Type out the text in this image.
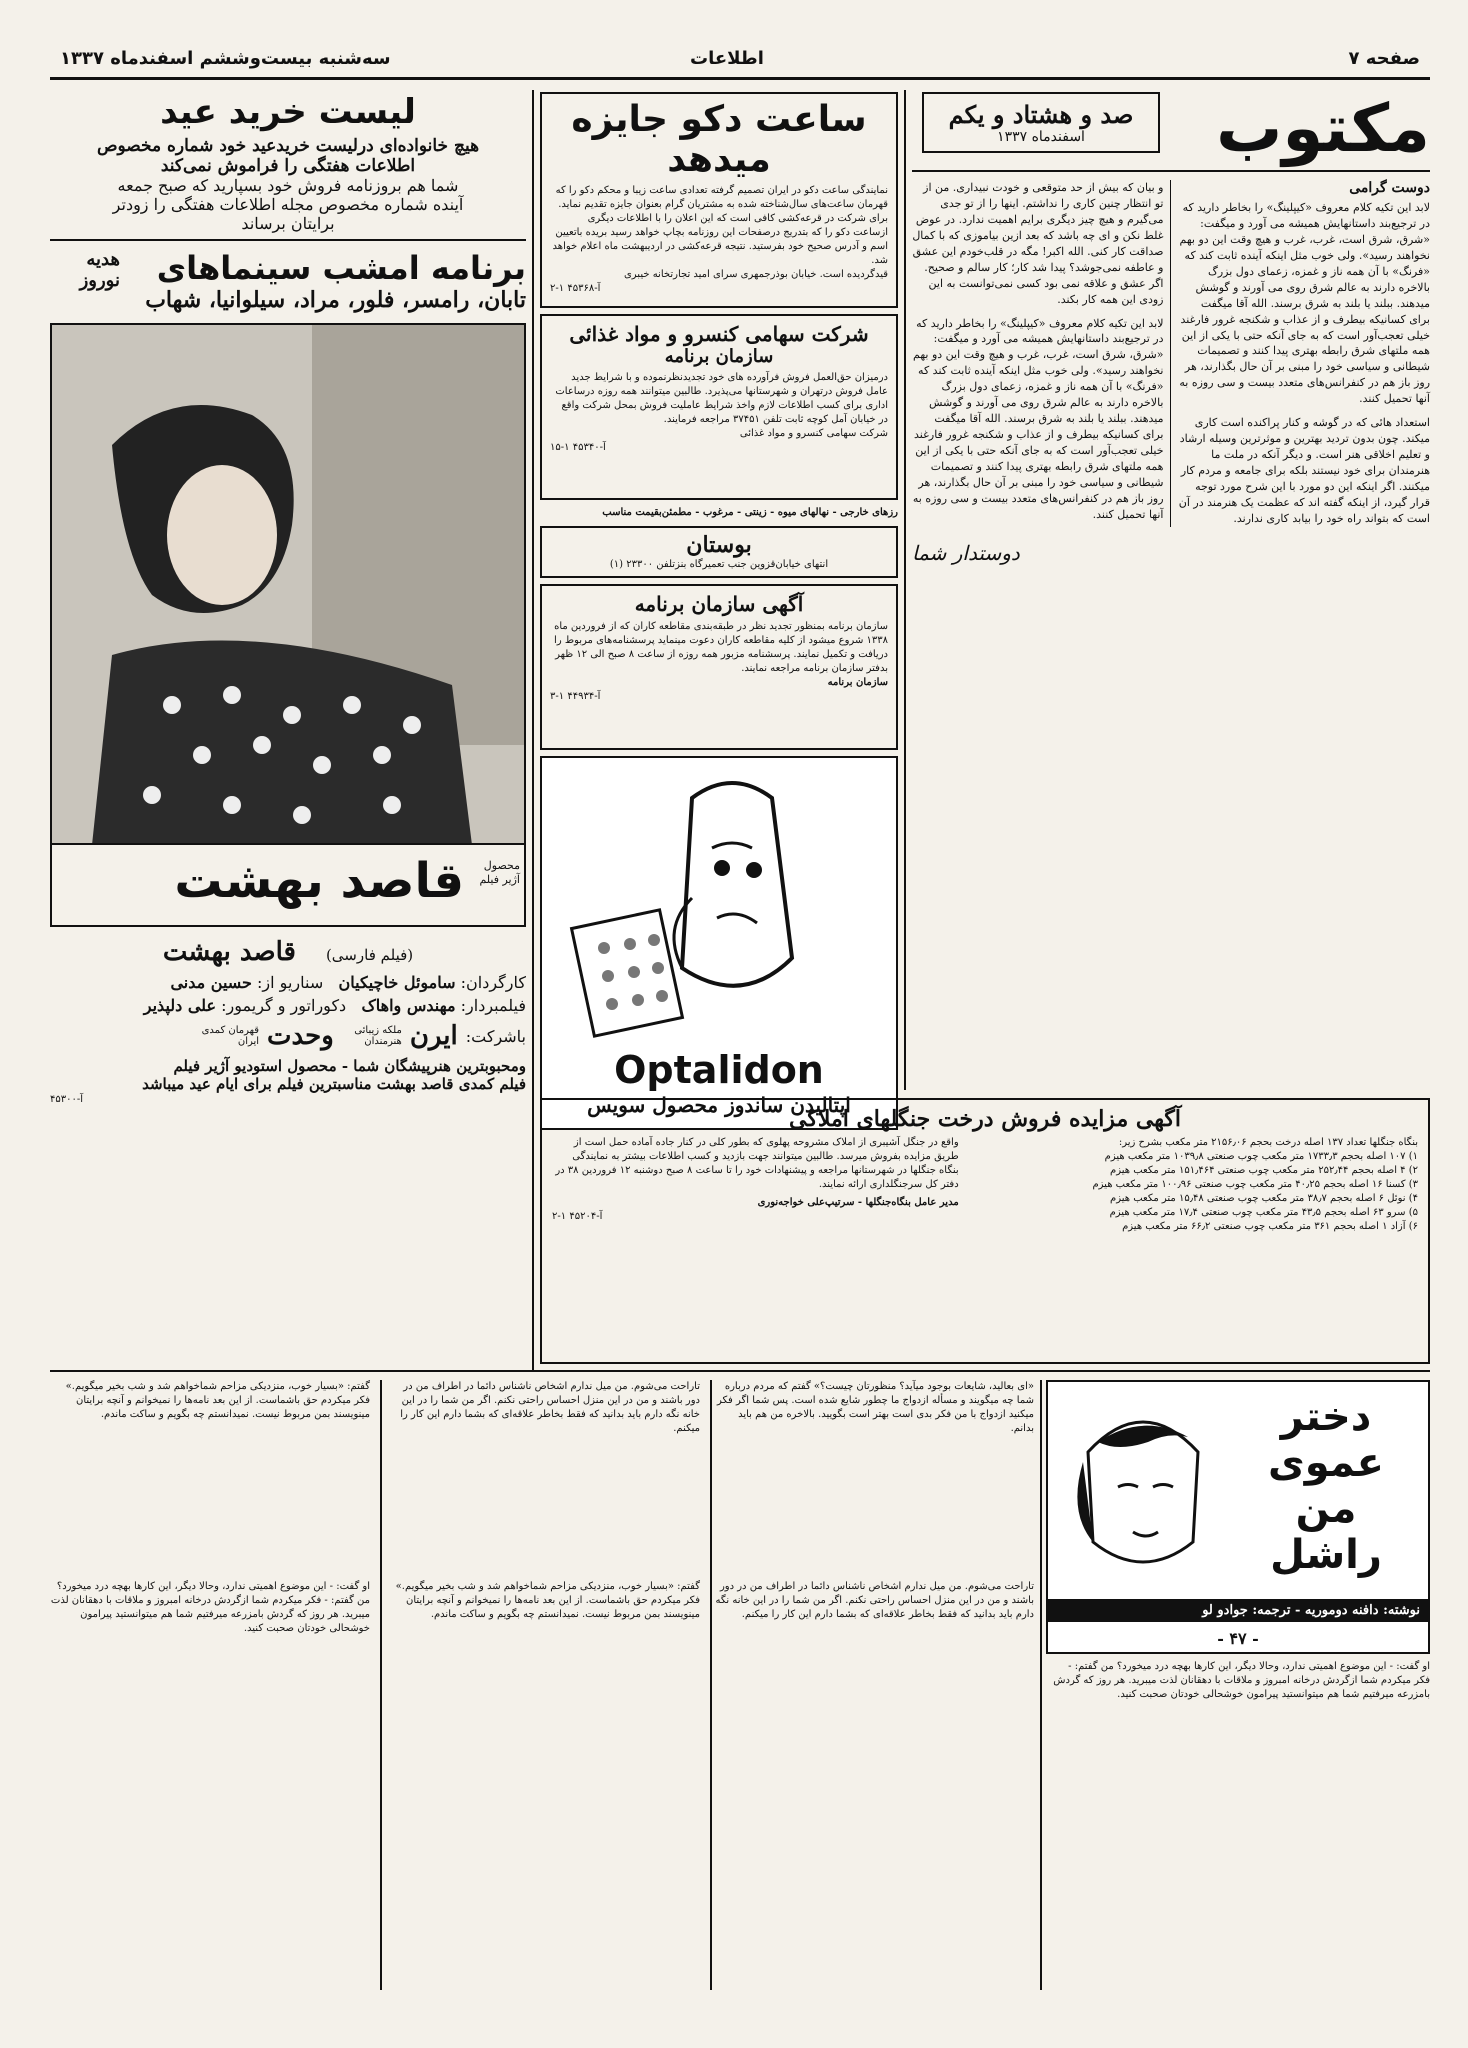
صفحه ۷
اطلاعات
سه‌شنبه بیست‌وششم اسفندماه ۱۳۳۷
مکتوب
صد و هشتاد و یکم
اسفندماه ۱۳۳۷
دوست گرامی
لابد این تکیه کلام معروف «کیپلینگ» را بخاطر دارید که در ترجیع‌بند داستانهایش همیشه می آورد و میگفت: «شرق، شرق است، غرب، غرب و هیچ وقت این دو بهم نخواهند رسید». ولی خوب مثل اینکه آینده ثابت کند که «فرنگ» با آن همه ناز و غمزه، زعمای دول بزرگ بالاخره دارند به عالم شرق روی می آورند و گوشش میدهند. ببلند یا بلند به شرق برسند. الله آقا میگفت برای کسانیکه بیطرف و از عذاب و شکنجه غرور فارغند خیلی تعجب‌آور است که به جای آنکه حتی با یکی از این همه ملتهای شرق رابطه بهتری پیدا کنند و تصمیمات شیطانی و سیاسی خود را مبنی بر آن حال بگذارند، هر روز باز هم در کنفرانس‌های متعدد بیست و سی روزه به آنها تحمیل کنند.
استعداد هائی که در گوشه و کنار پراکنده است کاری میکند. چون بدون تردید بهترین و موثرترین وسیله ارشاد و تعلیم اخلاقی هنر است. و دیگر آنکه در ملت ما هنرمندان برای خود نیستند بلکه برای جامعه و مردم کار میکنند. اگر اینکه این دو مورد با این شرح مورد توجه قرار گیرد، از اینکه گفته اند که عظمت یک هنرمند در آن است که بتواند راه خود را بیابد کاری ندارند.
و بیان که بیش از حد متوقعی و خودت نبیداری. من از تو انتظار چنین کاری را نداشتم. اینها را از تو جدی می‌گیرم و هیچ چیز دیگری برایم اهمیت ندارد. در عوض غلط نکن و ای چه باشد که بعد ازین بیاموزی که با کمال صداقت کار کنی. الله اکبر! مگه در قلب‌خودم این عشق و عاطفه نمی‌جوشد؟ پیدا شد کار؛ کار سالم و صحیح. اگر عشق و علاقه نمی بود کسی نمی‌توانست به این زودی این همه کار بکند.
لابد این تکیه کلام معروف «کیپلینگ» را بخاطر دارید که در ترجیع‌بند داستانهایش همیشه می آورد و میگفت: «شرق، شرق است، غرب، غرب و هیچ وقت این دو بهم نخواهند رسید». ولی خوب مثل اینکه آینده ثابت کند که «فرنگ» با آن همه ناز و غمزه، زعمای دول بزرگ بالاخره دارند به عالم شرق روی می آورند و گوشش میدهند. ببلند یا بلند به شرق برسند. الله آقا میگفت برای کسانیکه بیطرف و از عذاب و شکنجه غرور فارغند خیلی تعجب‌آور است که به جای آنکه حتی با یکی از این همه ملتهای شرق رابطه بهتری پیدا کنند و تصمیمات شیطانی و سیاسی خود را مبنی بر آن حال بگذارند، هر روز باز هم در کنفرانس‌های متعدد بیست و سی روزه به آنها تحمیل کنند.
دوستدار شما
ساعت دکو جایزه میدهد
نمایندگی ساعت دکو در ایران تصمیم گرفته تعدادی ساعت زیبا و محکم دکو را که قهرمان ساعت‌های سال‌شناخته شده به مشتریان گرام بعنوان جایزه تقدیم نماید. برای شرکت در قرعه‌کشی کافی است که این اعلان را با اطلاعات دیگری ازساعت دکو را که بتدریج درصفحات این روزنامه بچاپ خواهد رسید بریده باتعیین اسم و آدرس صحیح خود بفرستید. نتیجه قرعه‌کشی در اردیبهشت ماه اعلام خواهد شد.
قیدگردیده است. خیابان بوذرجمهری سرای امید تجارتخانه خیبری
آ-۴۵۳۶۸ ۱-۲
شرکت سهامی کنسرو و مواد غذائی
سازمان برنامه
درمیزان حق‌العمل فروش فرآورده های خود تجدیدنظرنموده و با شرایط جدید عامل فروش درتهران و شهرستانها می‌پذیرد. طالبین میتوانند همه روزه درساعات اداری برای کسب اطلاعات لازم واخذ شرایط عاملیت فروش بمحل شرکت واقع در خیابان آمل کوچه ثابت تلفن ۳۷۴۵۱ مراجعه فرمایند.
شرکت سهامی کنسرو و مواد غذائی
آ-۴۵۳۴۰ ۱-۱۵
رزهای خارجی - نهالهای میوه - زینتی - مرغوب - مطمئن‌بقیمت مناسب
بوستان
انتهای خیابان‌قزوین جنب تعمیرگاه بنزتلفن ۲۳۳۰۰ (۱)
آگهی سازمان برنامه
سازمان برنامه بمنظور تجدید نظر در طبقه‌بندی مقاطعه کاران که از فروردین ماه ۱۳۳۸ شروع میشود از کلیه مقاطعه کاران دعوت مینماید پرسشنامه‌های مربوط را دریافت و تکمیل نمایند. پرسشنامه مزبور همه روزه از ساعت ۸ صبح الی ۱۲ ظهر بدفتر سازمان برنامه مراجعه نمایند.
سازمان برنامه
آ-۴۴۹۳۴ ۱-۳
Optalidon
اپتالیدن ساندوز محصول سویس
لیست خرید عید
هیچ خانواده‌ای درلیست خریدعید خود شماره مخصوص
اطلاعات هفتگی را فراموش نمی‌کند
شما هم بروزنامه فروش خود بسپارید که صبح جمعه
آینده شماره مخصوص مجله اطلاعات هفتگی را زودتر
برایتان برساند
برنامه امشب سینماهای
تابان، رامسر، فلور، مراد، سیلوانیا، شهاب
هدیه نوروز
قاصد بهشت	محصول آژیر فیلم
(فیلم فارسی)
قاصد بهشت
کارگردان: ساموئل خاچیکیان   سناریو از: حسین مدنی
فیلمبردار: مهندس واهاک   دکوراتور و گریمور: علی دلپذیر
باشرکت:
ایرن
ملکه زیبائی هنرمندان
وحدت
قهرمان کمدی ایران
ومحبوبترین هنرپیشگان شما - محصول استودیو آژیر فیلم
فیلم کمدی قاصد بهشت مناسبترین فیلم برای ایام عید میباشد
آ-۴۵۳۰۰
آگهی مزایده فروش درخت جنگلهای املاکی
بنگاه جنگلها تعداد ۱۳۷ اصله درخت بحجم ۲۱۵۶٫۰۶ متر مکعب بشرح زیر:
۱) ۱۰۷ اصله بحجم ۱۷۳۳٫۳ متر مکعب چوب صنعتی ۱۰۳۹٫۸ متر مکعب هیزم
۲) ۴ اصله بحجم ۲۵۲٫۴۴ متر مکعب چوب صنعتی ۱۵۱٫۴۶۴ متر مکعب هیزم
۳) کسنا ۱۶ اصله بحجم ۴۰٫۲۵ متر مکعب چوب صنعتی ۱۰۰٫۹۶ متر مکعب هیزم
۴) نوئل ۶ اصله بحجم ۳۸٫۷ متر مکعب چوب صنعتی ۱۵٫۴۸ متر مکعب هیزم
۵) سرو ۶۳ اصله بحجم ۴۳٫۵ متر مکعب چوب صنعتی ۱۷٫۴ متر مکعب هیزم
۶) آزاد ۱ اصله بحجم ۳۶۱ متر مکعب چوب صنعتی ۶۶٫۲ متر مکعب هیزم
واقع در جنگل آشیبری از املاک مشروحه پهلوی که بطور کلی در کنار جاده آماده حمل است از طریق مزایده بفروش میرسد. طالبین میتوانند جهت بازدید و کسب اطلاعات بیشتر به نمایندگی بنگاه جنگلها در شهرستانها مراجعه و پیشنهادات خود را تا ساعت ۸ صبح دوشنبه ۱۲ فروردین ۳۸ در دفتر کل سرجنگلداری ارائه نمایند.
مدیر عامل بنگاه‌جنگلها - سرتیپ‌علی خواجه‌نوری
آ-۴۵۲۰۴ ۱-۲
دختر
عموی من
راشل
نوشته: دافنه دوموریه - ترجمه: جوادو لو
- ۴۷ -
او گفت: - این موضوع اهمیتی ندارد، وحالا دیگر، این کارها بهچه درد میخورد؟ من گفتم: - فکر میکردم شما ازگردش درخانه امبروز و ملاقات با دهقانان لذت میبرید. هر روز که گردش بامزرعه میرفتیم شما هم میتوانستید پیرامون خوشحالی خودتان صحبت کنید.
«ای بعالید، شایعات بوجود میآید؟ منظورتان چیست؟» گفتم که مردم درباره شما چه میگویند و مسأله ازدواج ما چطور شایع شده است. پس شما اگر فکر میکنید ازدواج با من فکر بدی است بهتر است بگویید. بالاخره من هم باید بدانم.
تاراحت می‌شوم. من میل ندارم اشخاص ناشناس دائما در اطراف من در دور باشند و من در این منزل احساس راحتی نکنم. اگر من شما را در این خانه نگه دارم باید بدانید که فقط بخاطر علاقه‌ای که بشما دارم این کار را میکنم.
تاراحت می‌شوم. من میل ندارم اشخاص ناشناس دائما در اطراف من در دور باشند و من در این منزل احساس راحتی نکنم. اگر من شما را در این خانه نگه دارم باید بدانید که فقط بخاطر علاقه‌ای که بشما دارم این کار را میکنم.
گفتم: «بسیار خوب، منزدیکی مزاحم شماخواهم شد و شب بخیر میگویم.» فکر میکردم حق باشماست. از این بعد نامه‌ها را نمیخوانم و آنچه برایتان مینویسند بمن مربوط نیست. نمیدانستم چه بگویم و ساکت ماندم.
گفتم: «بسیار خوب، منزدیکی مزاحم شماخواهم شد و شب بخیر میگویم.» فکر میکردم حق باشماست. از این بعد نامه‌ها را نمیخوانم و آنچه برایتان مینویسند بمن مربوط نیست. نمیدانستم چه بگویم و ساکت ماندم.
او گفت: - این موضوع اهمیتی ندارد، وحالا دیگر، این کارها بهچه درد میخورد؟ من گفتم: - فکر میکردم شما ازگردش درخانه امبروز و ملاقات با دهقانان لذت میبرید. هر روز که گردش بامزرعه میرفتیم شما هم میتوانستید پیرامون خوشحالی خودتان صحبت کنید.
